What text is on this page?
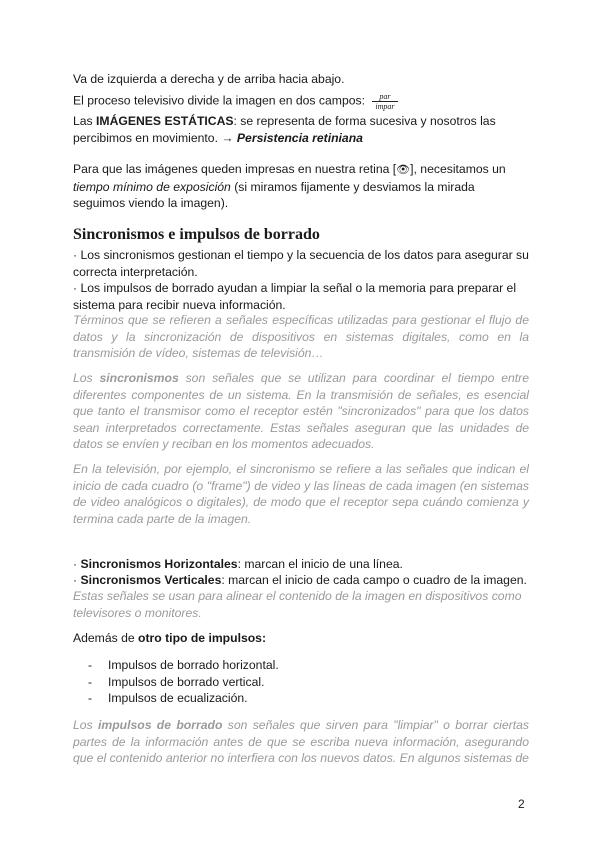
Va de izquierda a derecha y de arriba hacia abajo.

El proceso televisivo divide la imagen en dos campos: $\frac{\text{par}}{\text{impar}}$

Las IMÁGENES ESTÁTICAS: se representa de forma sucesiva y nosotros las percibimos en movimiento. → Persistencia retiniana

Para que las imágenes queden impresas en nuestra retina [👁], necesitamos un tiempo mínimo de exposición (si miramos fijamente y desviamos la mirada seguimos viendo la imagen).

Sincronismos e impulsos de borrado

· Los sincronismos gestionan el tiempo y la secuencia de los datos para asegurar su correcta interpretación.

· Los impulsos de borrado ayudan a limpiar la señal o la memoria para preparar el sistema para recibir nueva información.

Términos que se refieren a señales específicas utilizadas para gestionar el flujo de datos y la sincronización de dispositivos en sistemas digitales, como en la transmisión de vídeo, sistemas de televisión…

Los sincronismos son señales que se utilizan para coordinar el tiempo entre diferentes componentes de un sistema. En la transmisión de señales, es esencial que tanto el transmisor como el receptor estén "sincronizados" para que los datos sean interpretados correctamente. Estas señales aseguran que las unidades de datos se envíen y reciban en los momentos adecuados.

En la televisión, por ejemplo, el sincronismo se refiere a las señales que indican el inicio de cada cuadro (o "frame") de video y las líneas de cada imagen (en sistemas de video analógicos o digitales), de modo que el receptor sepa cuándo comienza y termina cada parte de la imagen.

· Sincronismos Horizontales: marcan el inicio de una línea.

· Sincronismos Verticales: marcan el inicio de cada campo o cuadro de la imagen.

Estas señales se usan para alinear el contenido de la imagen en dispositivos como televisores o monitores.

Además de otro tipo de impulsos:

- Impulsos de borrado horizontal.
- Impulsos de borrado vertical.
- Impulsos de ecualización.

Los impulsos de borrado son señales que sirven para "limpiar" o borrar ciertas partes de la información antes de que se escriba nueva información, asegurando que el contenido anterior no interfiera con los nuevos datos. En algunos sistemas de

2
